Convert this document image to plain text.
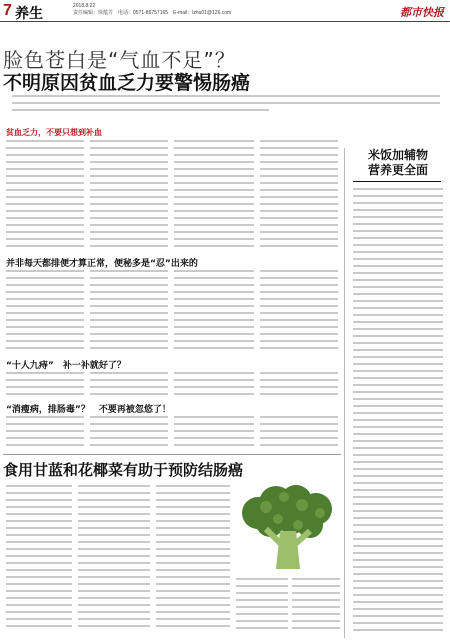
7 养生	2018.8.22
责任编辑：徐蕴芳　电话：0571-86757165　E-mail：lzhu01@126.com	都市快报
脸色苍白是“气血不足”？
不明原因贫血乏力要警惕肠癌
贫血乏力，不要只想到补血
并非每天都排便才算正常，便秘多是“忍”出来的
“十人九痔”　补一补就好了？
“消瘦病，排肠毒”？　不要再被忽悠了！
米饭加辅物
营养更全面
食用甘蓝和花椰菜有助于预防结肠癌
